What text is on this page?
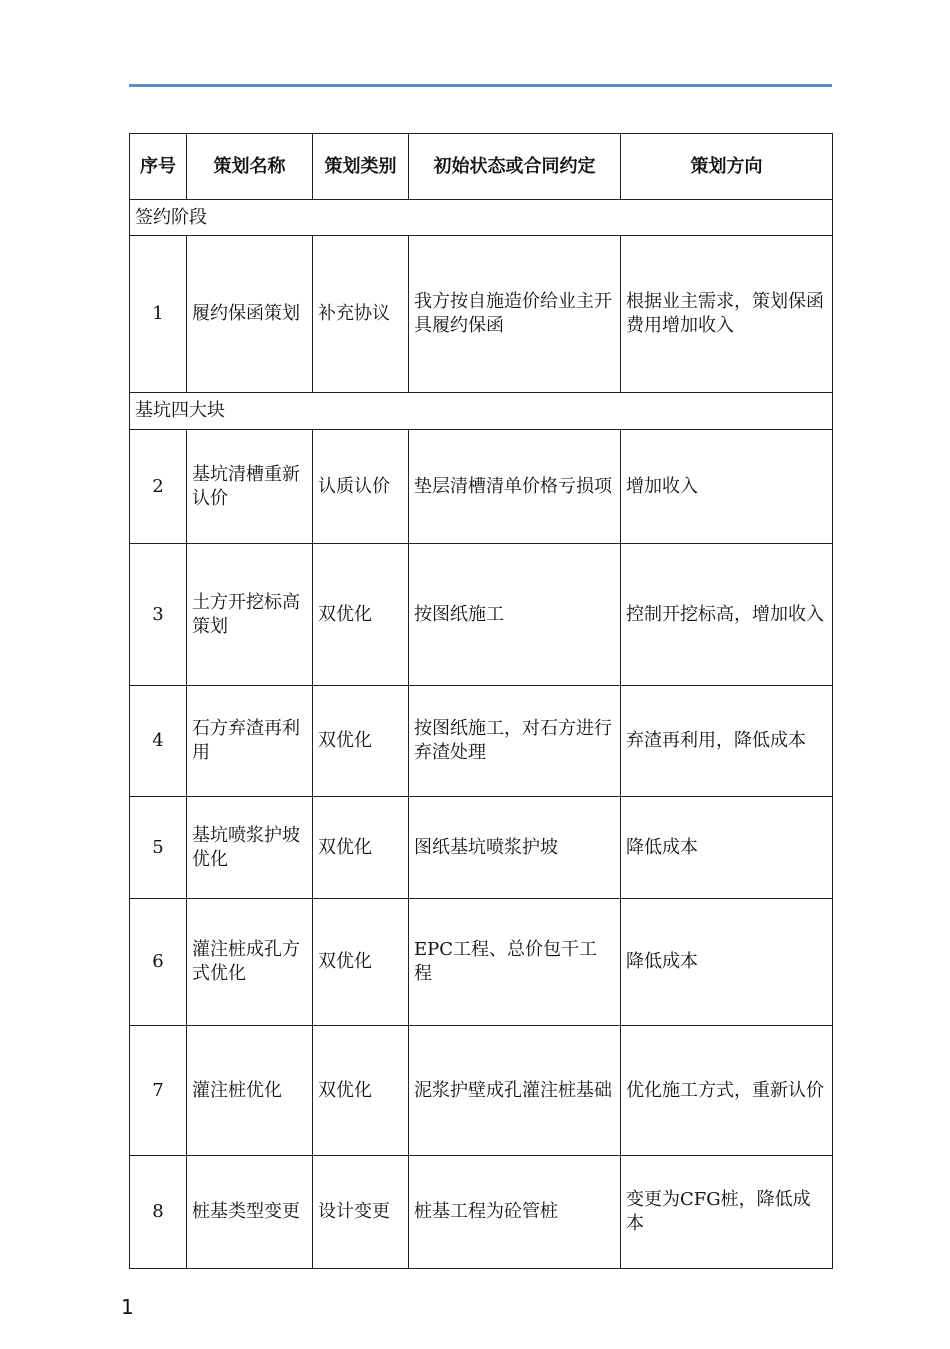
序号	策划名称	策划类别	初始状态或合同约定	策划方向
签约阶段				
1	履约保函策划	补充协议	我方按自施造价给业主开具履约保函	根据业主需求，策划保函费用增加收入
基坑四大块				
2	基坑清槽重新认价	认质认价	垫层清槽清单价格亏损项	增加收入
3	土方开挖标高策划	双优化	按图纸施工	控制开挖标高，增加收入
4	石方弃渣再利用	双优化	按图纸施工，对石方进行弃渣处理	弃渣再利用，降低成本
5	基坑喷浆护坡优化	双优化	图纸基坑喷浆护坡	降低成本
6	灌注桩成孔方式优化	双优化	EPC工程、总价包干工程	降低成本
7	灌注桩优化	双优化	泥浆护壁成孔灌注桩基础	优化施工方式，重新认价
8	桩基类型变更	设计变更	桩基工程为砼管桩	变更为CFG桩，降低成本
1
